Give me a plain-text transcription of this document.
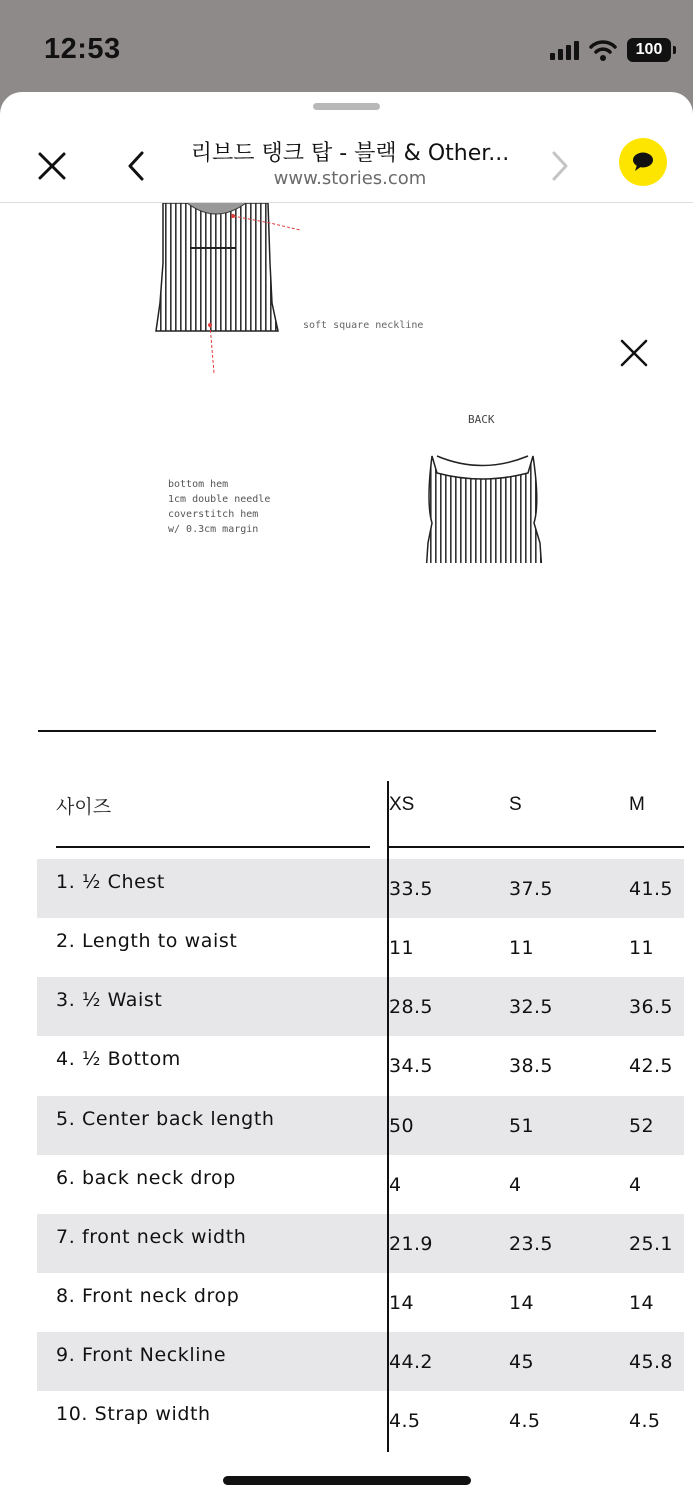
12:53	100
리브드 탱크 탑 - 블랙 & Other...
www.stories.com
soft square neckline
bottom hem
1cm double needle
coverstitch hem
w/ 0.3cm margin
BACK
사이즈	XS	S	M
1. ½ Chest	33.5	37.5	41.5
2. Length to waist	11	11	11
3. ½ Waist	28.5	32.5	36.5
4. ½ Bottom	34.5	38.5	42.5
5. Center back length	50	51	52
6. back neck drop	4	4	4
7. front neck width	21.9	23.5	25.1
8. Front neck drop	14	14	14
9. Front Neckline	44.2	45	45.8
10. Strap width	4.5	4.5	4.5
